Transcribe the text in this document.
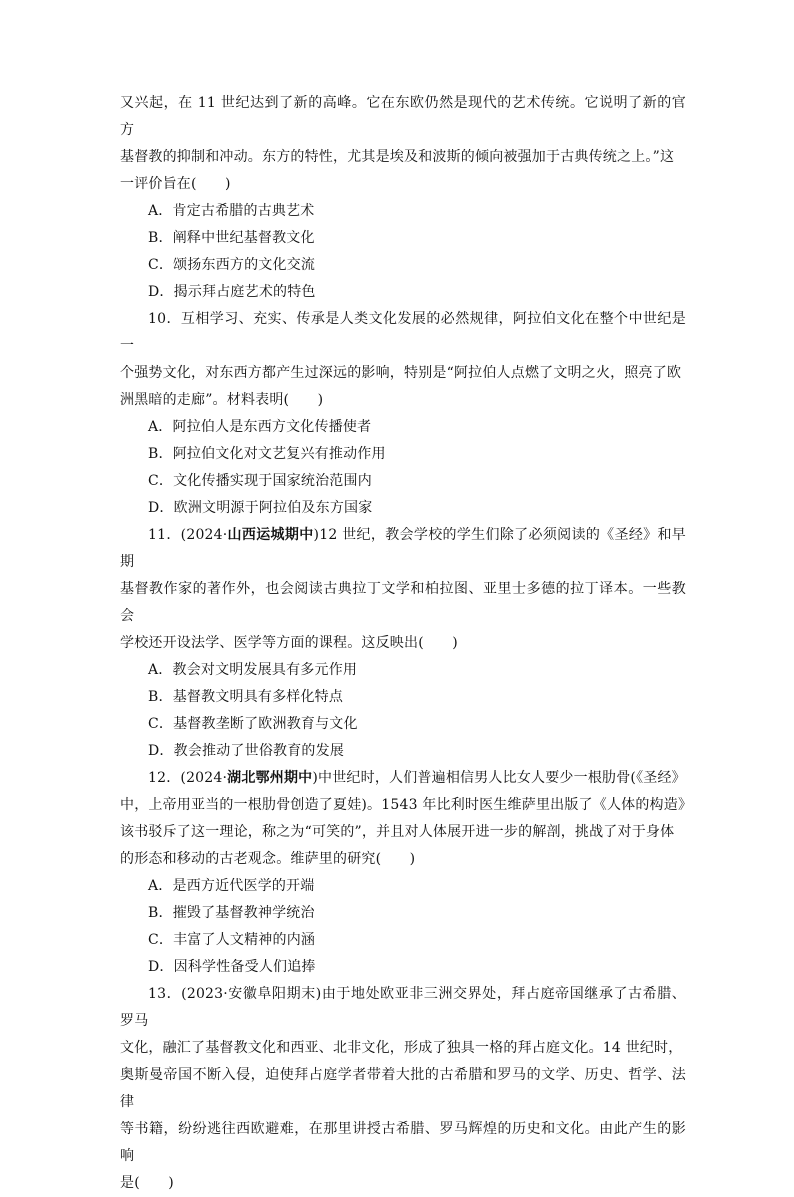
又兴起，在 11 世纪达到了新的高峰。它在东欧仍然是现代的艺术传统。它说明了新的官方

基督教的抑制和冲动。东方的特性，尤其是埃及和波斯的倾向被强加于古典传统之上。”这

一评价旨在(　　)

A．肯定古希腊的古典艺术

B．阐释中世纪基督教文化

C．颂扬东西方的文化交流

D．揭示拜占庭艺术的特色

10．互相学习、充实、传承是人类文化发展的必然规律，阿拉伯文化在整个中世纪是一

个强势文化，对东西方都产生过深远的影响，特别是“阿拉伯人点燃了文明之火，照亮了欧

洲黑暗的走廊”。材料表明(　　)

A．阿拉伯人是东西方文化传播使者

B．阿拉伯文化对文艺复兴有推动作用

C．文化传播实现于国家统治范围内

D．欧洲文明源于阿拉伯及东方国家

11．(2024·山西运城期中)12 世纪，教会学校的学生们除了必须阅读的《圣经》和早期

基督教作家的著作外，也会阅读古典拉丁文学和柏拉图、亚里士多德的拉丁译本。一些教会

学校还开设法学、医学等方面的课程。这反映出(　　)

A．教会对文明发展具有多元作用

B．基督教文明具有多样化特点

C．基督教垄断了欧洲教育与文化

D．教会推动了世俗教育的发展

12．(2024·湖北鄂州期中)中世纪时，人们普遍相信男人比女人要少一根肋骨(《圣经》

中，上帝用亚当的一根肋骨创造了夏娃)。1543 年比利时医生维萨里出版了《人体的构造》

该书驳斥了这一理论，称之为“可笑的”，并且对人体展开进一步的解剖，挑战了对于身体

的形态和移动的古老观念。维萨里的研究(　　)

A．是西方近代医学的开端

B．摧毁了基督教神学统治

C．丰富了人文精神的内涵

D．因科学性备受人们追捧

13．(2023·安徽阜阳期末)由于地处欧亚非三洲交界处，拜占庭帝国继承了古希腊、罗马

文化，融汇了基督教文化和西亚、北非文化，形成了独具一格的拜占庭文化。14 世纪时，

奥斯曼帝国不断入侵，迫使拜占庭学者带着大批的古希腊和罗马的文学、历史、哲学、法律

等书籍，纷纷逃往西欧避难，在那里讲授古希腊、罗马辉煌的历史和文化。由此产生的影响

是(　　)
